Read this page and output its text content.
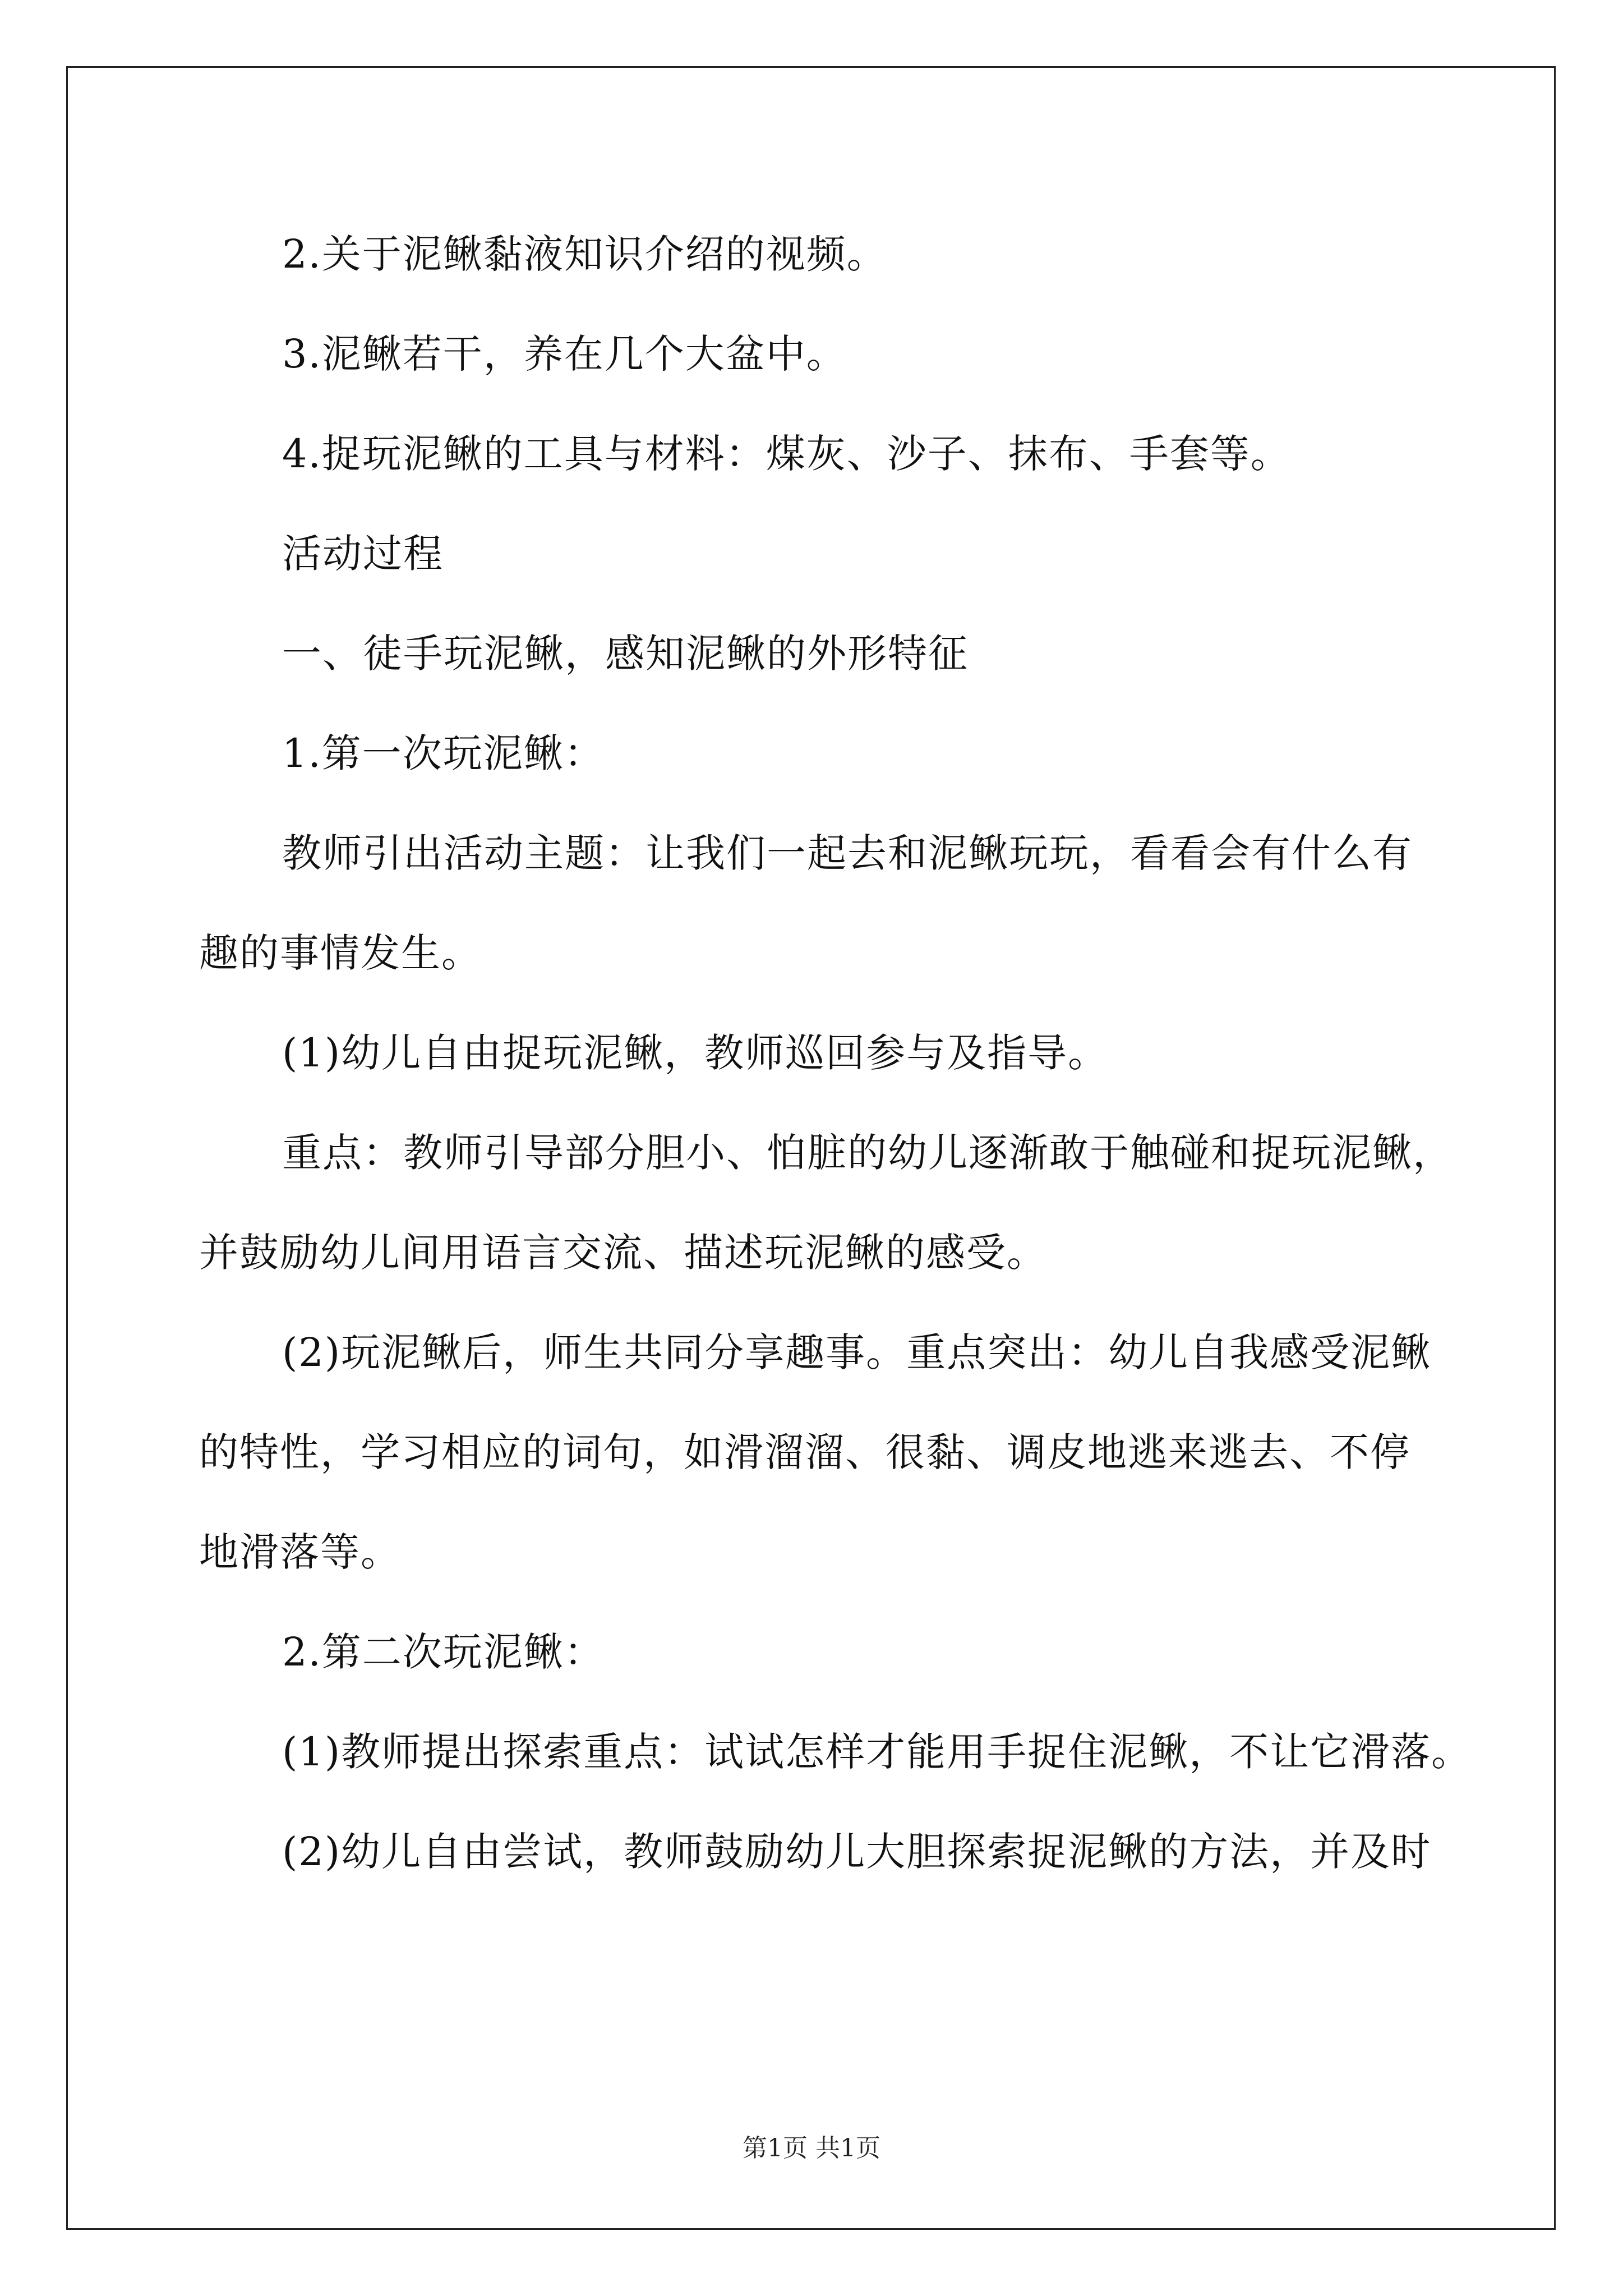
2.关于泥鳅黏液知识介绍的视频。
3.泥鳅若干，养在几个大盆中。
4.捉玩泥鳅的工具与材料：煤灰、沙子、抹布、手套等。
活动过程
一、徒手玩泥鳅，感知泥鳅的外形特征
1.第一次玩泥鳅：
教师引出活动主题：让我们一起去和泥鳅玩玩，看看会有什么有
趣的事情发生。
(1)幼儿自由捉玩泥鳅，教师巡回参与及指导。
重点：教师引导部分胆小、怕脏的幼儿逐渐敢于触碰和捉玩泥鳅，
并鼓励幼儿间用语言交流、描述玩泥鳅的感受。
(2)玩泥鳅后，师生共同分享趣事。重点突出：幼儿自我感受泥鳅
的特性，学习相应的词句，如滑溜溜、很黏、调皮地逃来逃去、不停
地滑落等。
2.第二次玩泥鳅：
(1)教师提出探索重点：试试怎样才能用手捉住泥鳅，不让它滑落。
(2)幼儿自由尝试，教师鼓励幼儿大胆探索捉泥鳅的方法，并及时
第1页 共1页
